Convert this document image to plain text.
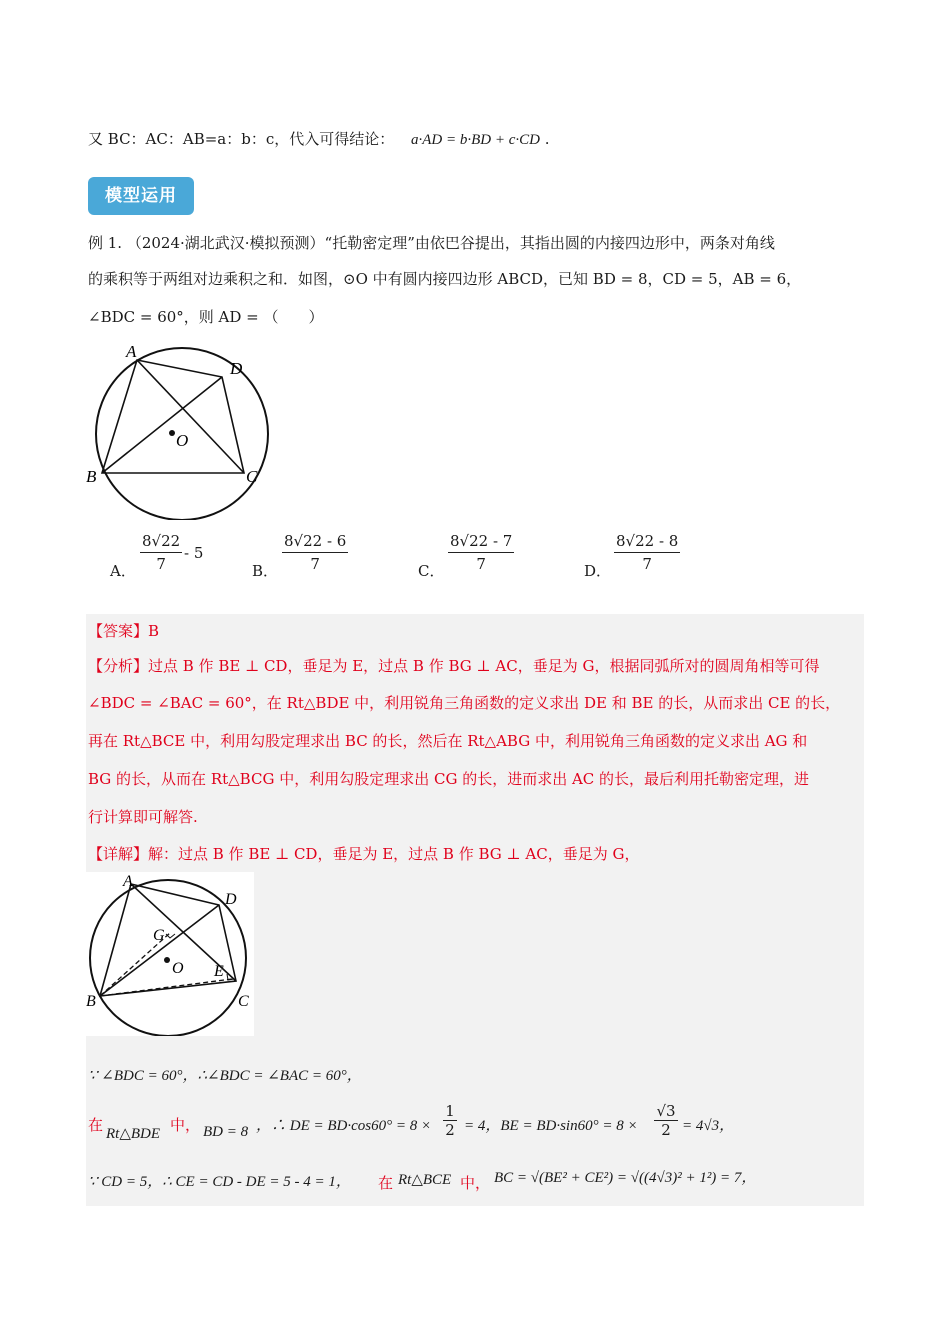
又 BC：AC：AB=a：b：c，代入可得结论： a·AD = b·BD + c·CD .
模型运用
例 1. （2024·湖北武汉·模拟预测）“托勒密定理”由依巴谷提出，其指出圆的内接四边形中，两条对角线
的乘积等于两组对边乘积之和．如图，⊙O 中有圆内接四边形 ABCD，已知 BD = 8，CD = 5，AB = 6，
∠BDC = 60°，则 AD = （　　）
A
D
O
B	C
A． $\frac{8√22}{7} - 5$
B． $\frac{8√22 - 6}{7}$	C． $\frac{8√22 - 7}{7}$	D． $\frac{8√22 - 8}{7}$
【答案】B
【分析】过点 B 作 BE ⊥ CD，垂足为 E，过点 B 作 BG ⊥ AC，垂足为 G，根据同弧所对的圆周角相等可得
∠BDC = ∠BAC = 60°，在 Rt△BDE 中，利用锐角三角函数的定义求出 DE 和 BE 的长，从而求出 CE 的长，
再在 Rt△BCE 中，利用勾股定理求出 BC 的长，然后在 Rt△ABG 中，利用锐角三角函数的定义求出 AG 和
BG 的长，从而在 Rt△BCG 中，利用勾股定理求出 CG 的长，进而求出 AC 的长，最后利用托勒密定理，进
行计算即可解答.
【详解】解：过点 B 作 BE ⊥ CD，垂足为 E，过点 B 作 BG ⊥ AC，垂足为 G，
A
D
G
O E
B	C
∵ ∠BDC = 60°，∴∠BDC = ∠BAC = 60°，
在 Rt△BDE 中， BD = 8 ，∴ DE = $BD\cdot\cos 60^\circ = 8 \times \frac{1}{2} = 4$，BE = $BD\cdot\sin 60^\circ = 8 \times \frac{√3}{2} = 4√3$，
∵ CD = 5，∴ CE = CD - DE = 5 - 4 = 1， 在 Rt△BCE 中， BC = √(BE² + CE²) = √((4√3)² + 1²) = 7，
